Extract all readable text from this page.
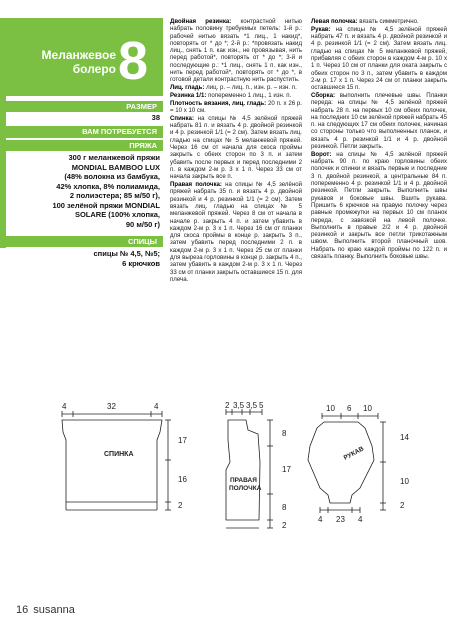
Меланжевое
болеро 8
РАЗМЕР
38
ВАМ ПОТРЕБУЕТСЯ
ПРЯЖА
300 г меланжевой пряжи
MONDIAL BAMBOO LUX
(48% волокна из бамбука,
42% хлопка, 8% полиамида,
2 полиэстера; 85 м/50 г),
100 зелёной пряжи MONDIAL
SOLARE (100% хлопка,
90 м/50 г)
СПИЦЫ
спицы № 4,5, №5;
6 крючков

Двойная резинка: контрастной нитью набрать половину требуемых петель: 1-й р.: рабочей нитью вязать *1 лиц., 1 накид*, повторять от * до *; 2-й р.: *провязать накид лиц., снять 1 п. как изн., не провязывая, нить перед работой*, повторять от * до *; 3-й и последующие р.: *1 лиц., снять 1 п. как изн., нить перед работой*, повторять от * до *, в готовой детали контрастную нить распустить.

Лиц. гладь: лиц. р. – лиц. п., изн. р. – изн. п.

Резинка 1/1: попеременно 1 лиц., 1 изн. п.

Плотность вязания, лиц. гладь: 20 п. х 26 р. = 10 х 10 см.

Спинка: на спицы № 4,5 зелёной пряжей набрать 81 п. и вязать 4 р. двойной резинкой и 4 р. резинкой 1/1 (= 2 см). Затем вязать лиц. гладью на спицах № 5 меланжевой пряжей. Через 16 см от начала для скоса проймы закрыть с обеих сторон по 3 п. и затем убавить после первых и перед последними 2 п. в каждом 2-м р. 3 х 1 п. Через 33 см от начала закрыть все п.

Правая полочка: на спицы № 4,5 зелёной пряжей набрать 35 п. и вязать 4 р. двойной резинкой и 4 р. резинкой 1/1 (= 2 см). Затем вязать лиц. гладью на спицах № 5 меланжевой пряжей. Через 8 см от начала в начале р. закрыть 4 п. и затем убавить в каждом 2-м р. 3 х 1 п. Через 16 см от планки для скоса проймы в конце р. закрыть 3 п., затем убавить перед последними 2 п. в каждом 2-м р. 3 х 1 п. Через 25 см от планки для выреза горловины в конце р. закрыть 4 п., затем убавить в каждом 2-м р. 3 х 1 п. Через 33 см от планки закрыть оставшиеся 15 п. для плеча.

Левая полочка: вязать симметрично.

Рукав: на спицы № 4,5 зелёной пряжей набрать 47 п. и вязать 4 р. двойной резинкой и 4 р. резинкой 1/1 (= 2 см). Затем вязать лиц. гладью на спицах № 5 меланжевой пряжей, прибавляя с обеих сторон в каждом 4-м р. 10 х 1 п. Через 10 см от планки для оката закрыть с обеих сторон по 3 п., затем убавить в каждом 2-м р. 17 х 1 п. Через 24 см от планки закрыть оставшиеся 15 п.

Сборка: выполнить плечевые швы. Планки переда: на спицы № 4,5 зелёной пряжей набрать 28 п. на первых 10 см обеих полочек, на последних 10 см зелёной пряжей набрать 45 п. на следующих 17 см обеих полочек, начиная со стороны только что выполненных планок, и вязать 4 р. резинкой 1/1 и 4 р. двойной резинкой. Петли закрыть.

Ворот: на спицы № 4,5 зелёной пряжей набрать 90 п. по краю горловины обеих полочек и спинки и вязать первые и последние 3 п. двойной резинкой, а центральные 84 п. попеременно 4 р. резинкой 1/1 и 4 р. двойной резинкой. Петли закрыть. Выполнить швы рукавов и боковые швы. Вшить рукава. Пришить 6 крючков на правую полочку через равные промежутки на первых 10 см планок переда, с завязкой на левой полочке. Выполнить в правые 2/2 и 4 р. двойной резинкой и закрыть все петли трикотажным швом. Выполнить второй планочный шов. Набрать по краю каждой проймы по 122 п. и связать планку. Выполнить боковые швы.

4	32	4
17
16
2
СПИНКА
2 3,5 3,5 5
8
17
8
2
ПРАВАЯ
ПОЛОЧКА
10 6 10
4 23 4
14
10
2
РУКАВ
16 susanna
